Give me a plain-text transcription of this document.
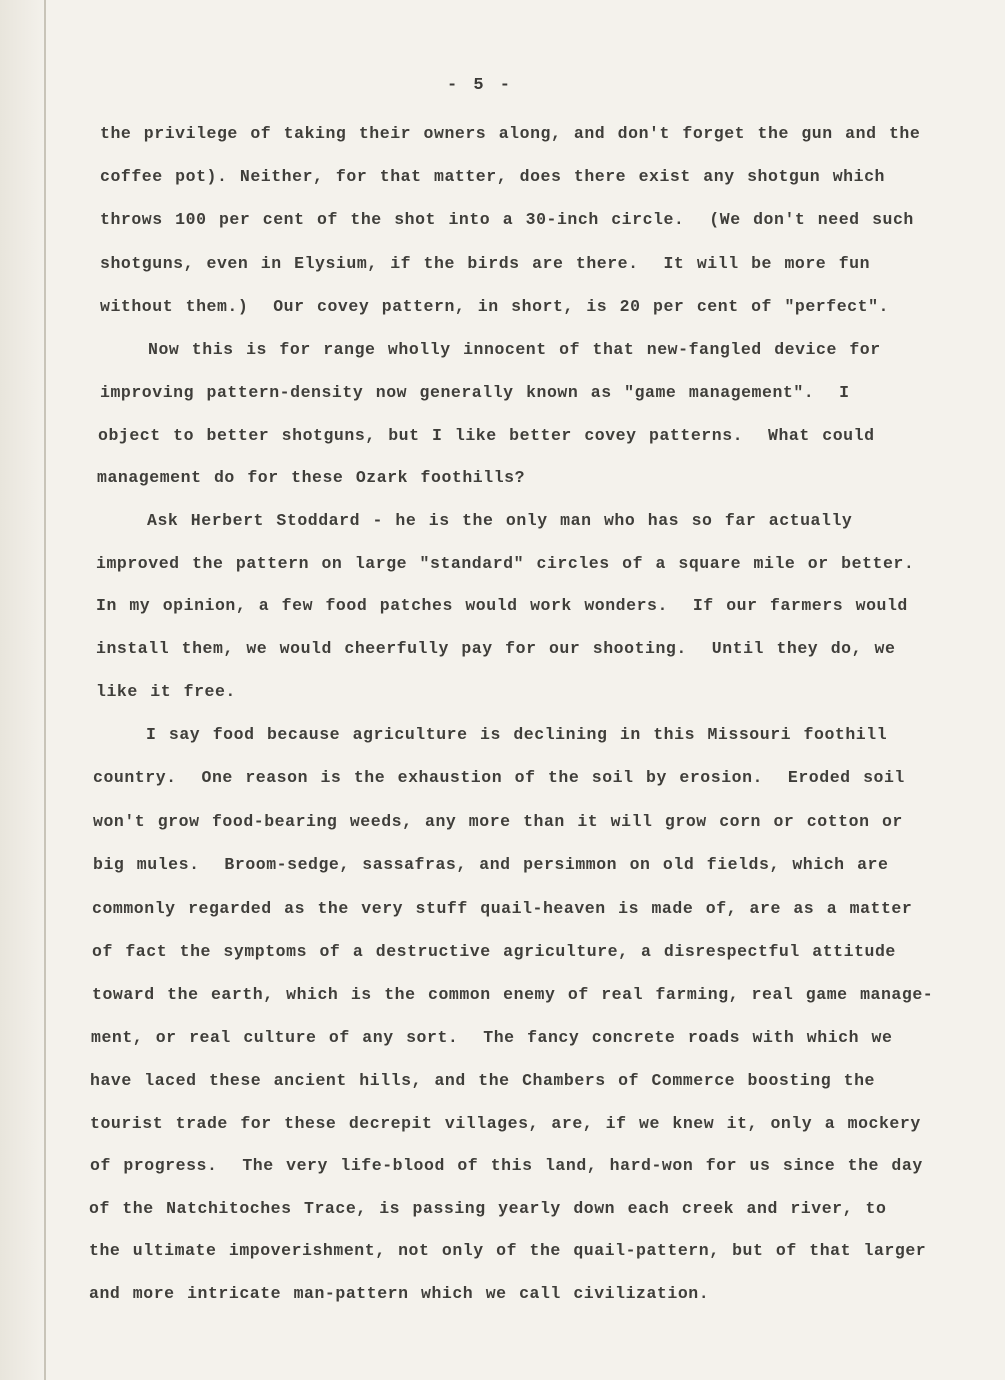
- 5 -
the privilege of taking their owners along, and don't forget the gun and the
coffee pot). Neither, for that matter, does there exist any shotgun which
throws 100 per cent of the shot into a 30-inch circle.  (We don't need such
shotguns, even in Elysium, if the birds are there.  It will be more fun
without them.)  Our covey pattern, in short, is 20 per cent of "perfect".
Now this is for range wholly innocent of that new-fangled device for
improving pattern-density now generally known as "game management".  I
object to better shotguns, but I like better covey patterns.  What could
management do for these Ozark foothills?
Ask Herbert Stoddard - he is the only man who has so far actually
improved the pattern on large "standard" circles of a square mile or better.
In my opinion, a few food patches would work wonders.  If our farmers would
install them, we would cheerfully pay for our shooting.  Until they do, we
like it free.
I say food because agriculture is declining in this Missouri foothill
country.  One reason is the exhaustion of the soil by erosion.  Eroded soil
won't grow food-bearing weeds, any more than it will grow corn or cotton or
big mules.  Broom-sedge, sassafras, and persimmon on old fields, which are
commonly regarded as the very stuff quail-heaven is made of, are as a matter
of fact the symptoms of a destructive agriculture, a disrespectful attitude
toward the earth, which is the common enemy of real farming, real game manage-
ment, or real culture of any sort.  The fancy concrete roads with which we
have laced these ancient hills, and the Chambers of Commerce boosting the
tourist trade for these decrepit villages, are, if we knew it, only a mockery
of progress.  The very life-blood of this land, hard-won for us since the day
of the Natchitoches Trace, is passing yearly down each creek and river, to
the ultimate impoverishment, not only of the quail-pattern, but of that larger
and more intricate man-pattern which we call civilization.
